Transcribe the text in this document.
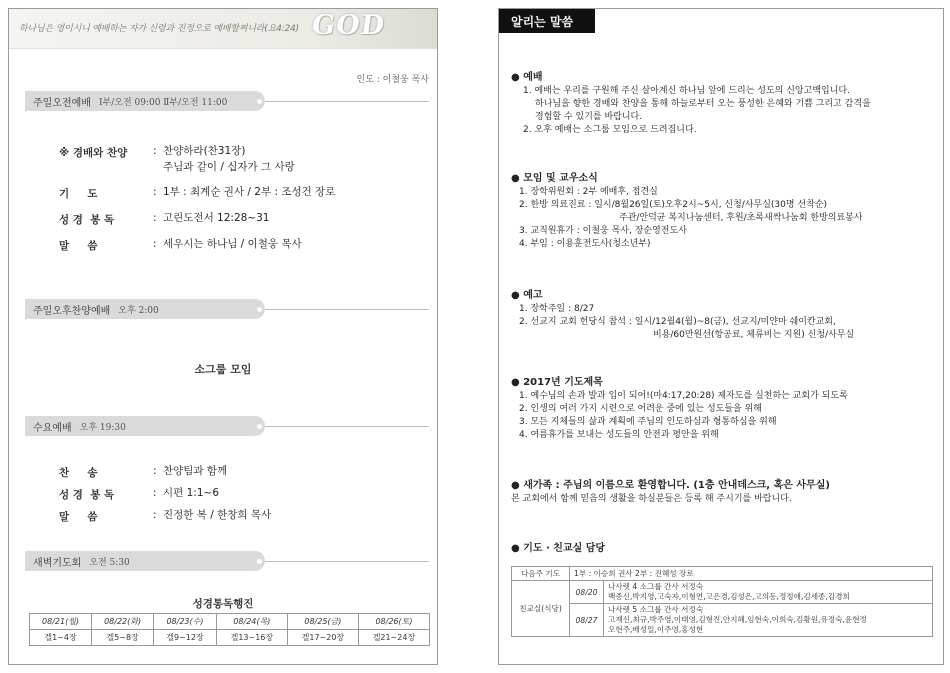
하나님은 영이시니 예배하는 자가 신령과 진정으로 예배할찌니라(요4:24) GOD
인도 : 이철웅 목사
주일오전예배 Ⅰ부/오전 09:00 Ⅱ부/오전 11:00
※ 경배와 찬양	: 찬양하라(찬31장)
주님과 같이 / 십자가 그 사랑
기     도	: 1부 : 최계순 권사 / 2부 : 조성건 장로
성 경  봉 독	: 고린도전서 12:28~31
말     씀	: 세우시는 하나님 / 이철웅 목사
주일오후찬양예배 오후 2:00
소그룹 모임
수요예배 오후 19:30
찬     송	: 찬양팀과 함께
성 경  봉 독	: 시편 1:1~6
말     씀	: 진정한 복 / 한창희 목사
새벽기도회 오전 5:30
성경통독행진
08/21(월)	08/22(화)	08/23(수)	08/24(목)	08/25(금)	08/26(토)
겔1~4장	겔5~8장	겔9~12장	겔13~16장	겔17~20장	겔21~24장
알리는 말씀
● 예배
1. 예배는 우리를 구원해 주신 살아계신 하나님 앞에 드리는 성도의 신앙고백입니다.
하나님을 향한 경배와 찬양을 통해 하늘로부터 오는 풍성한 은혜와 기쁨 그리고 감격을
경험할 수 있기를 바랍니다.
2. 오후 예배는 소그룹 모임으로 드려집니다.
● 모임 및 교우소식
1. 장학위원회 : 2부 예배후, 접견실
2. 한방 의료진료 : 일시/8월26일(토)오후2시~5시, 신청/사무실(30명 선착순)
주관/안덕균 복지나눔센터, 후원/초록새싹나눔회 한방의료봉사
3. 교직원휴가 : 이철웅 목사, 장순영전도사
4. 부임 : 이용훈전도사(청소년부)
● 예고
1. 장학주일 : 8/27
2. 선교지 교회 헌당식 참석 : 일시/12월4(월)~8(금), 선교지/미얀마 쉐이칸교회,
비용/60만원선(항공료, 체류비는 지원) 신청/사무실
● 2017년 기도제목
1. 예수님의 손과 발과 입이 되어!(마4:17,20:28) 제자도를 실천하는 교회가 되도록
2. 인생의 여러 가지 시련으로 어려운 중에 있는 성도들을 위해
3. 모든 지체들의 삶과 계획에 주님의 인도하심과 형통하심을 위해
4. 여름휴가를 보내는 성도들의 안전과 평안을 위해
● 새가족 : 주님의 이름으로 환영합니다. (1층 안내데스크, 혹은 사무실)
본 교회에서 함께 믿음의 생활을 하실분들은 등록 해 주시기를 바랍니다.
● 기도 · 친교실 담당
다음주 기도	1부 : 이승희 권사 2부 : 진혜성 장로	
친교실(식당)	08/20	나사렛 4 소그룹 간사 서정숙
백종신,박지영,고숙자,이형연,고은경,김성은,고의동,정정애,김세종,김경희

	08/27	나사렛 5 소그룹 간사 서정숙
고재신,최규,박주영,이태영,김형진,안지혜,임현숙,이희숙,김황원,유정숙,윤현정
오현주,배성일,이주영,홍성현
